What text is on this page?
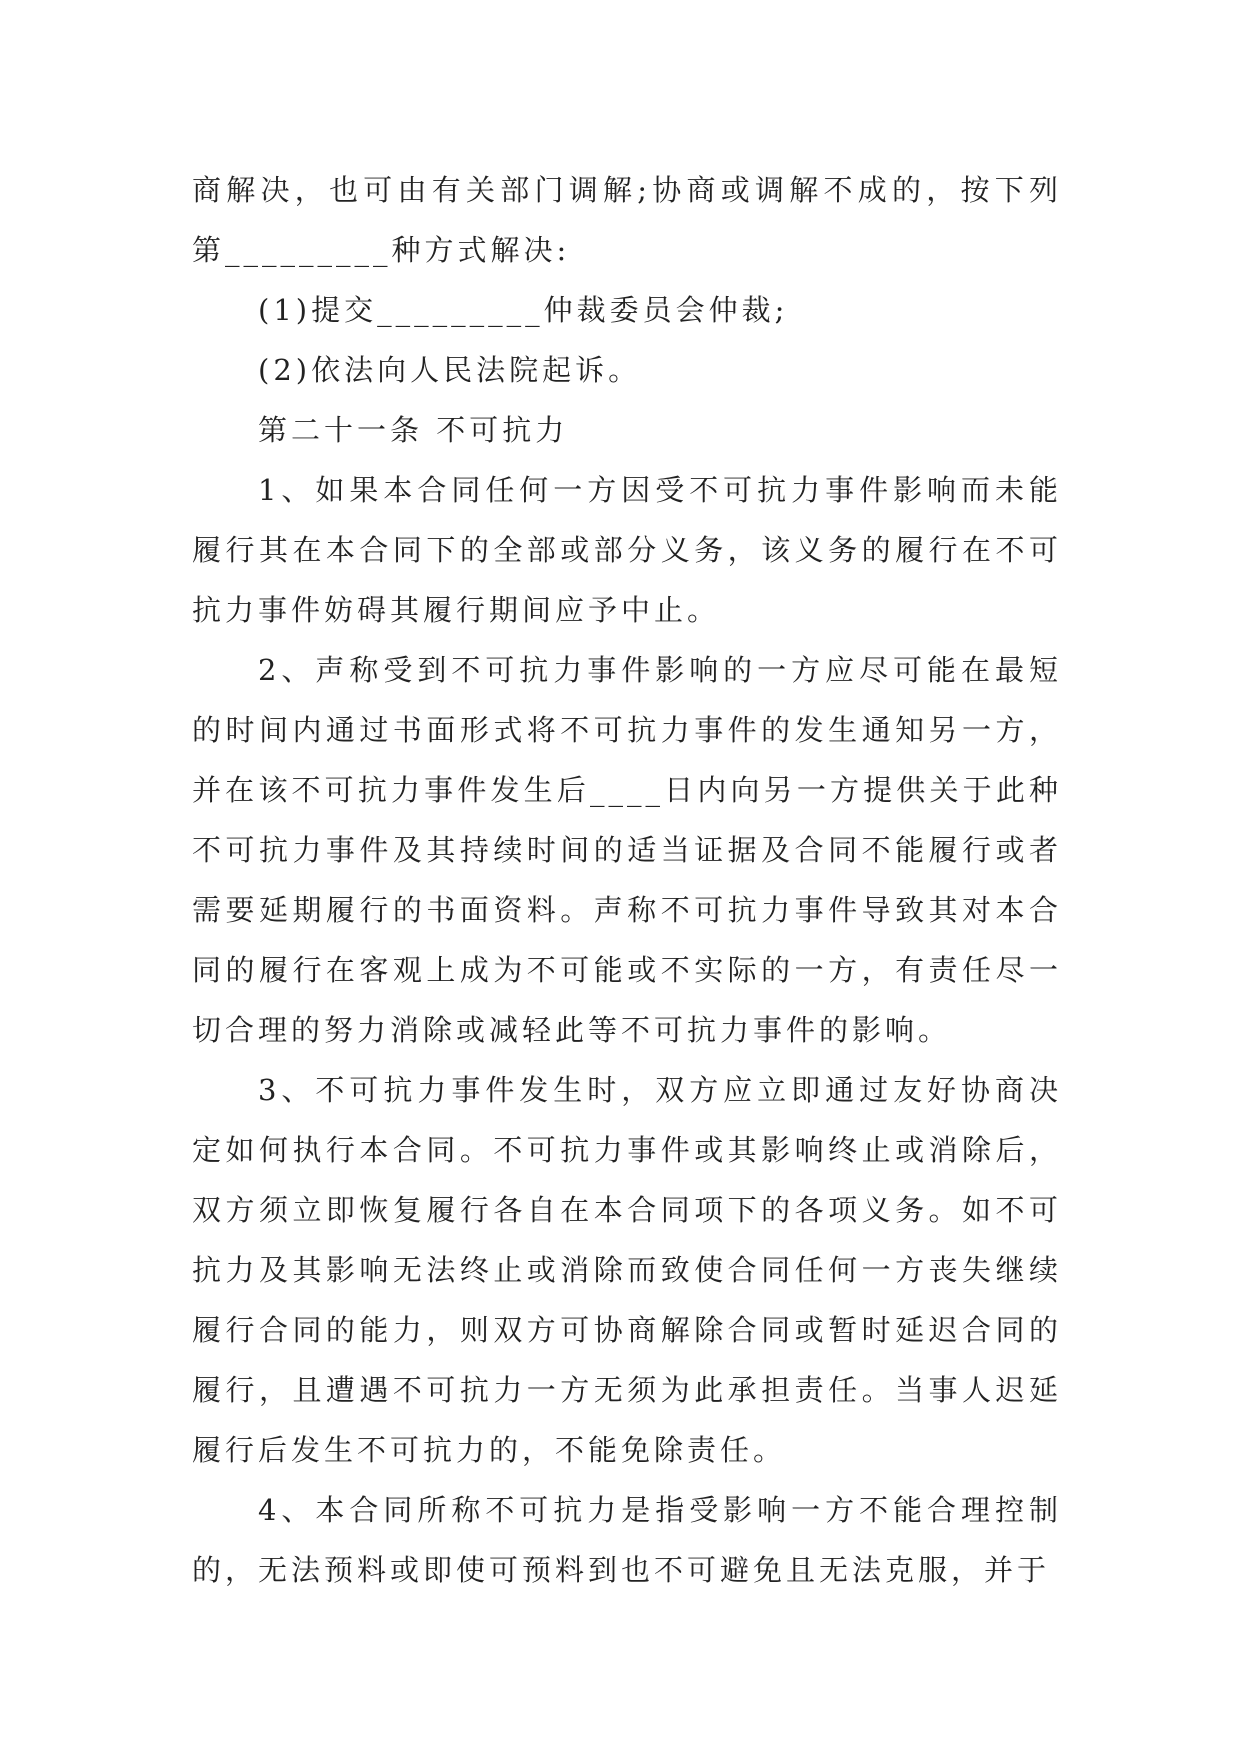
商解决，也可由有关部门调解;协商或调解不成的，按下列第_________种方式解决:

(1)提交_________仲裁委员会仲裁;

(2)依法向人民法院起诉。

第二十一条 不可抗力

1、如果本合同任何一方因受不可抗力事件影响而未能履行其在本合同下的全部或部分义务，该义务的履行在不可抗力事件妨碍其履行期间应予中止。

2、声称受到不可抗力事件影响的一方应尽可能在最短的时间内通过书面形式将不可抗力事件的发生通知另一方，并在该不可抗力事件发生后____日内向另一方提供关于此种不可抗力事件及其持续时间的适当证据及合同不能履行或者需要延期履行的书面资料。声称不可抗力事件导致其对本合同的履行在客观上成为不可能或不实际的一方，有责任尽一切合理的努力消除或减轻此等不可抗力事件的影响。

3、不可抗力事件发生时，双方应立即通过友好协商决定如何执行本合同。不可抗力事件或其影响终止或消除后，双方须立即恢复履行各自在本合同项下的各项义务。如不可抗力及其影响无法终止或消除而致使合同任何一方丧失继续履行合同的能力，则双方可协商解除合同或暂时延迟合同的履行，且遭遇不可抗力一方无须为此承担责任。当事人迟延履行后发生不可抗力的，不能免除责任。

4、本合同所称不可抗力是指受影响一方不能合理控制的，无法预料或即使可预料到也不可避免且无法克服，并于
